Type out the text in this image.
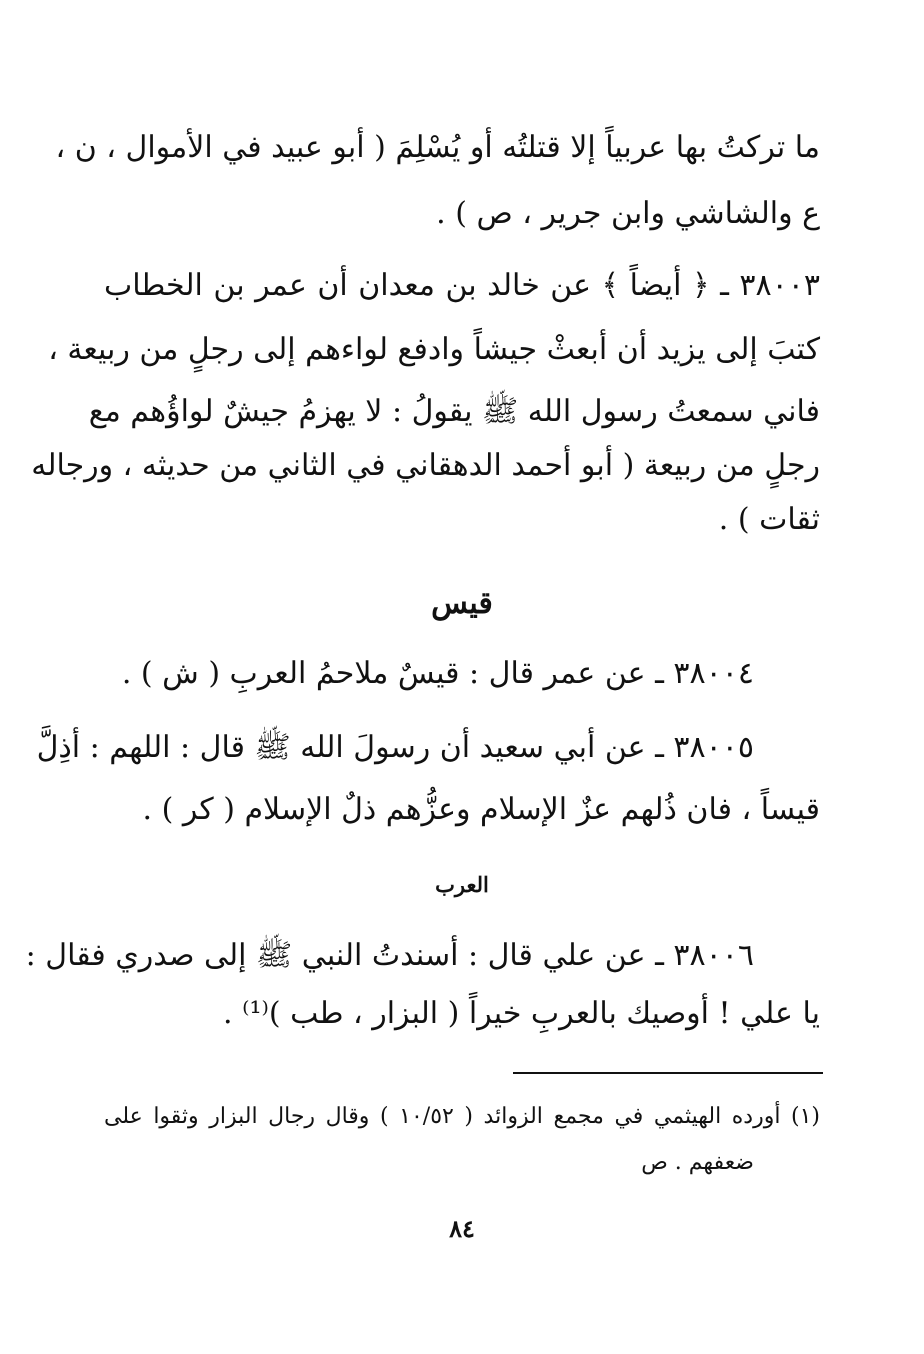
ما تركتُ بها عربياً إلا قتلتُه أو يُسْلِمَ ( أبو عبيد في الأموال ، ن ،
ع والشاشي وابن جرير ، ص ) .
٣٨٠٠٣ ـ ﴿ أيضاً ﴾ عن خالد بن معدان أن عمر بن الخطاب
كتبَ إلى يزيد أن أبعثْ جيشاً وادفع لواءهم إلى رجلٍ من ربيعة ،
فاني سمعتُ رسول الله ﷺ يقولُ : لا يهزمُ جيشٌ لواؤُهم مع
رجلٍ من ربيعة ( أبو أحمد الدهقاني في الثاني من حديثه ، ورجاله
ثقات ) .
قيس
٣٨٠٠٤ ـ عن عمر قال : قيسٌ ملاحمُ العربِ ( ش ) .
٣٨٠٠٥ ـ عن أبي سعيد أن رسولَ الله ﷺ قال : اللهم : أذِلَّ
قيساً ، فان ذُلهم عزٌ الإسلام وعزُّهم ذلٌ الإسلام ( كر ) .
العرب
٣٨٠٠٦ ـ عن علي قال : أسندتُ النبي ﷺ إلى صدري فقال :
يا علي ! أوصيك بالعربِ خيراً ( البزار ، طب )⁽¹⁾ .
(١) أورده الهيثمي في مجمع الزوائد ( ١٠/٥٢ ) وقال رجال البزار وثقوا على
ضعفهم . ص
٨٤
